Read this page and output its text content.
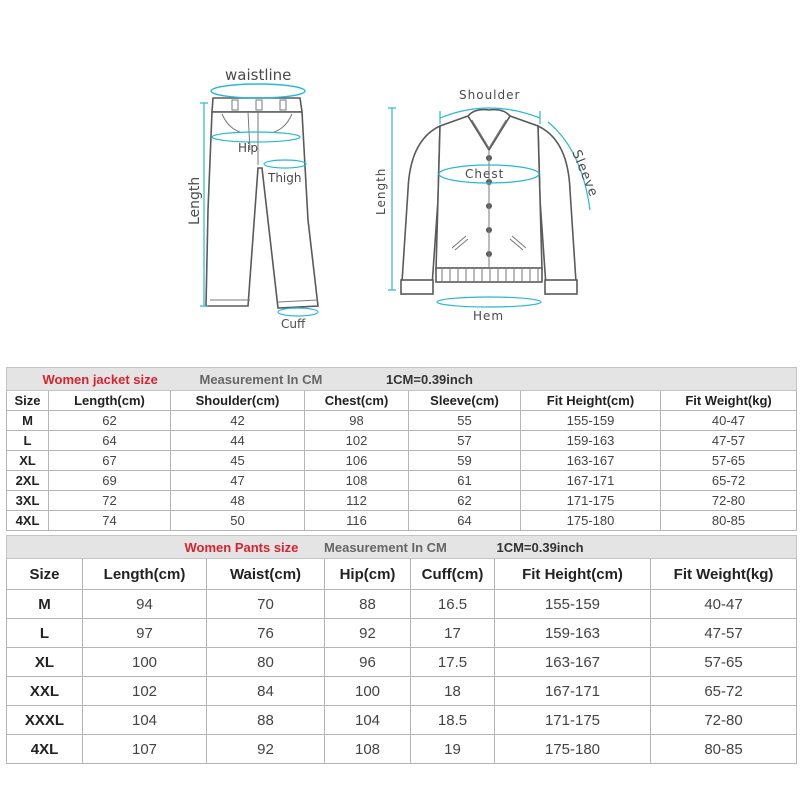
waistline
Hip
Thigh
Length
Cuff
Shoulder
Sleeve
Chest
Length
Hem
		Women jacket size Measurement In CM 1CM=0.39inch				
Size	Length(cm)	Shoulder(cm)	Chest(cm)	Sleeve(cm)	Fit Height(cm)	Fit Weight(kg)
M	62	42	98	55	155-159	40-47
L	64	44	102	57	159-163	47-57
XL	67	45	106	59	163-167	57-65
2XL	69	47	108	61	167-171	65-72
3XL	72	48	112	62	171-175	72-80
4XL	74	50	116	64	175-180	80-85
		Women Pants size Measurement In CM 1CM=0.39inch				
Size	Length(cm)	Waist(cm)	Hip(cm)	Cuff(cm)	Fit Height(cm)	Fit Weight(kg)
M	94	70	88	16.5	155-159	40-47
L	97	76	92	17	159-163	47-57
XL	100	80	96	17.5	163-167	57-65
XXL	102	84	100	18	167-171	65-72
XXXL	104	88	104	18.5	171-175	72-80
4XL	107	92	108	19	175-180	80-85
